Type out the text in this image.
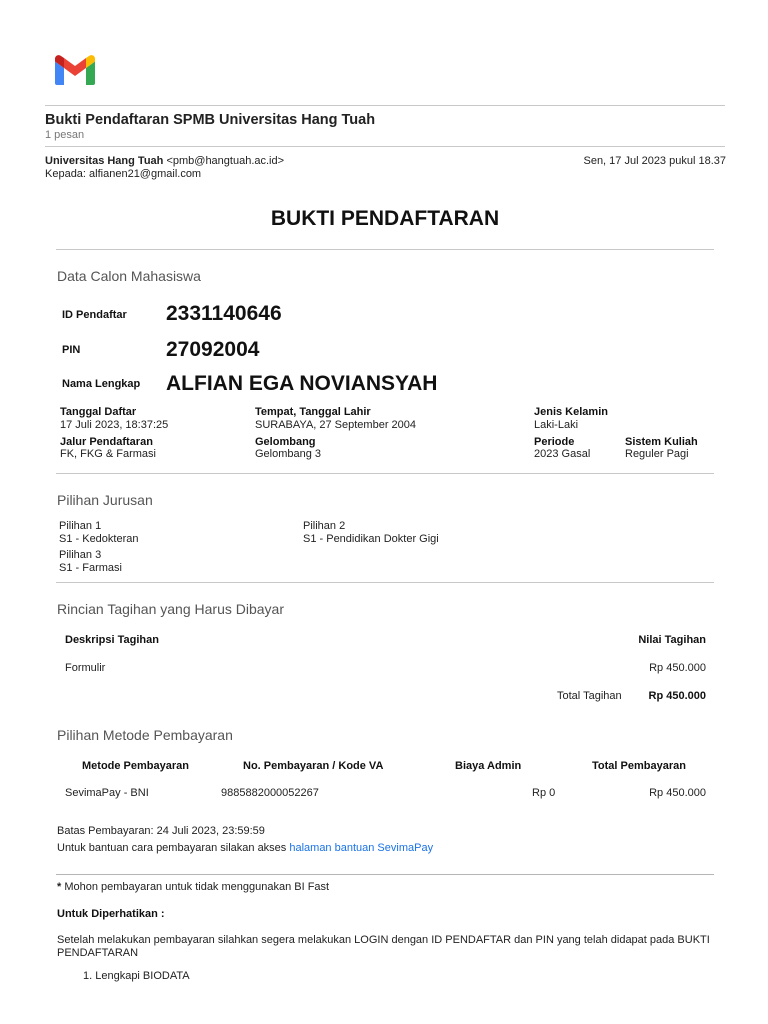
Bukti Pendaftaran SPMB Universitas Hang Tuah
1 pesan
Universitas Hang Tuah <pmb@hangtuah.ac.id>	Sen, 17 Jul 2023 pukul 18.37
Kepada: alfianen21@gmail.com
BUKTI PENDAFTARAN
Data Calon Mahasiswa
ID Pendaftar 2331140646
PIN	27092004
Nama Lengkap ALFIAN EGA NOVIANSYAH
Tanggal Daftar
17 Juli 2023, 18:37:25
Tempat, Tanggal Lahir
SURABAYA, 27 September 2004
Jenis Kelamin
Laki-Laki
Jalur Pendaftaran
FK, FKG & Farmasi
Gelombang
Gelombang 3
Periode
2023 Gasal
Sistem Kuliah
Reguler Pagi
Pilihan Jurusan
Pilihan 1
S1 - Kedokteran
Pilihan 2
S1 - Pendidikan Dokter Gigi
Pilihan 3
S1 - Farmasi
Rincian Tagihan yang Harus Dibayar
Deskripsi Tagihan	Nilai Tagihan
Formulir	Rp 450.000
Total Tagihan Rp 450.000
Pilihan Metode Pembayaran
Metode Pembayaran	No. Pembayaran / Kode VA	Biaya Admin	Total Pembayaran
SevimaPay - BNI	9885882000052267	Rp 0	Rp 450.000
Batas Pembayaran: 24 Juli 2023, 23:59:59
Untuk bantuan cara pembayaran silakan akses halaman bantuan SevimaPay
* Mohon pembayaran untuk tidak menggunakan BI Fast
Untuk Diperhatikan :
Setelah melakukan pembayaran silahkan segera melakukan LOGIN dengan ID PENDAFTAR dan PIN yang telah didapat pada BUKTI PENDAFTARAN
1. Lengkapi BIODATA
